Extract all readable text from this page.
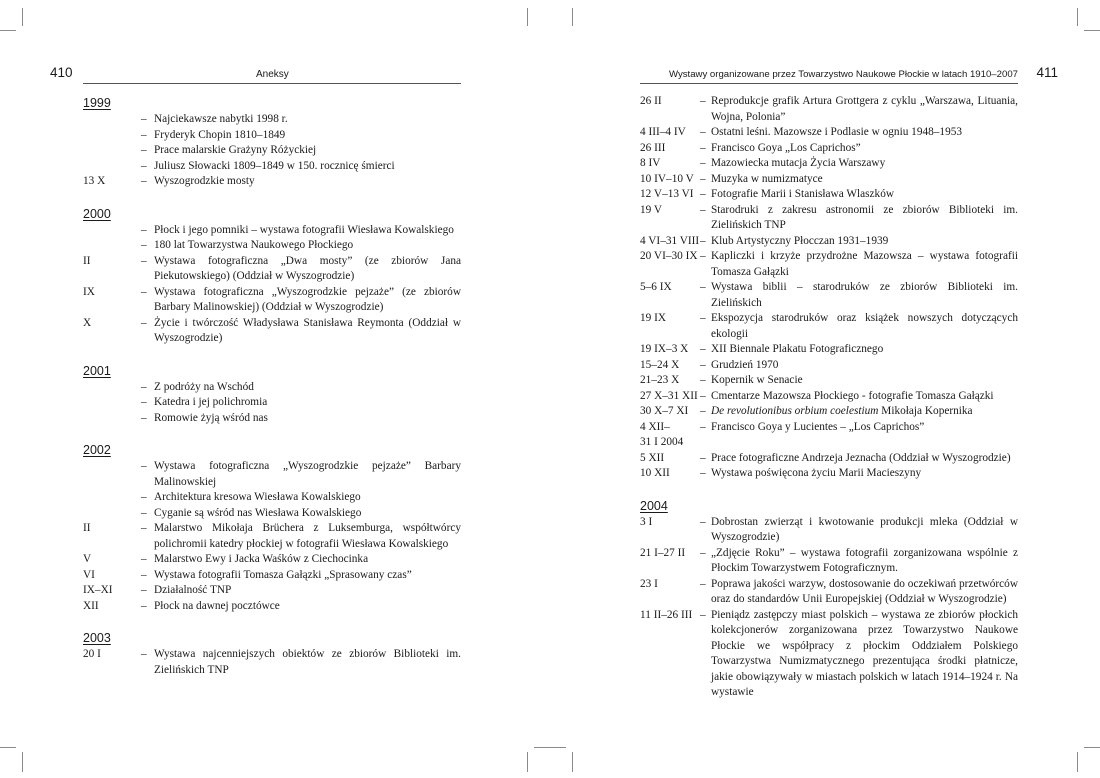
410	Aneksy
1999
– Najciekawsze nabytki 1998 r.
– Fryderyk Chopin 1810–1849
– Prace malarskie Grażyny Różyckiej
– Juliusz Słowacki 1809–1849 w 150. rocznicę śmierci
13 X	– Wyszogrodzkie mosty
2000
– Płock i jego pomniki – wystawa fotografii Wiesława Kowalskiego
– 180 lat Towarzystwa Naukowego Płockiego
II	– Wystawa fotograficzna „Dwa mosty” (ze zbiorów Jana Piekutowskiego) (Oddział w Wyszogrodzie)
IX	– Wystawa fotograficzna „Wyszogrodzkie pejzaże” (ze zbiorów Barbary Malinowskiej) (Oddział w Wyszogrodzie)
X	– Życie i twórczość Władysława Stanisława Reymonta (Oddział w Wyszogrodzie)
2001
– Z podróży na Wschód
– Katedra i jej polichromia
– Romowie żyją wśród nas
2002
– Wystawa fotograficzna „Wyszogrodzkie pejzaże” Barbary Malinowskiej
– Architektura kresowa Wiesława Kowalskiego
– Cyganie są wśród nas Wiesława Kowalskiego
II	– Malarstwo Mikołaja Brüchera z Luksemburga, współtwórcy polichromii katedry płockiej w fotografii Wiesława Kowalskiego
V	– Malarstwo Ewy i Jacka Waśków z Ciechocinka
VI	– Wystawa fotografii Tomasza Gałązki „Sprasowany czas”
IX–XI	– Działalność TNP
XII	– Płock na dawnej pocztówce
2003
20 I	– Wystawa najcenniejszych obiektów ze zbiorów Biblioteki im. Zielińskich TNP
Wystawy organizowane przez Towarzystwo Naukowe Płockie w latach 1910–2007 411
26 II	– Reprodukcje grafik Artura Grottgera z cyklu „Warszawa, Lituania, Wojna, Polonia”
4 III–4 IV – Ostatni leśni. Mazowsze i Podlasie w ogniu 1948–1953
26 III	– Francisco Goya „Los Caprichos”
8 IV	– Mazowiecka mutacja Życia Warszawy
10 IV–10 V – Muzyka w numizmatyce
12 V–13 VI – Fotografie Marii i Stanisława Wlaszków
19 V	– Starodruki z zakresu astronomii ze zbiorów Biblioteki im. Zielińskich TNP
4 VI–31 VIII – Klub Artystyczny Płocczan 1931–1939
20 VI–30 IX – Kapliczki i krzyże przydrożne Mazowsza – wystawa fotografii Tomasza Gałązki
5–6 IX	– Wystawa biblii – starodruków ze zbiorów Biblioteki im. Zielińskich
19 IX	– Ekspozycja starodruków oraz książek nowszych dotyczących ekologii
19 IX–3 X – XII Biennale Plakatu Fotograficznego
15–24 X – Grudzień 1970
21–23 X – Kopernik w Senacie
27 X–31 XII – Cmentarze Mazowsza Płockiego - fotografie Tomasza Gałązki
30 X–7 XI – De revolutionibus orbium coelestium Mikołaja Kopernika
4 XII–	– Francisco Goya y Lucientes – „Los Caprichos”
31 I 2004

5 XII	– Prace fotograficzne Andrzeja Jeznacha (Oddział w Wyszogrodzie)
10 XII	– Wystawa poświęcona życiu Marii Macieszyny
2004
3 I	– Dobrostan zwierząt i kwotowanie produkcji mleka (Oddział w Wyszogrodzie)
21 I–27 II – „Zdjęcie Roku” – wystawa fotografii zorganizowana wspólnie z Płockim Towarzystwem Fotograficznym.
23 I	– Poprawa jakości warzyw, dostosowanie do oczekiwań przetwórców oraz do standardów Unii Europejskiej (Oddział w Wyszogrodzie)
11 II–26 III – Pieniądz zastępczy miast polskich – wystawa ze zbiorów płockich kolekcjonerów zorganizowana przez Towarzystwo Naukowe Płockie we współpracy z płockim Oddziałem Polskiego Towarzystwa Numizmatycznego prezentująca środki płatnicze, jakie obowiązywały w miastach polskich w latach 1914–1924 r. Na wystawie
